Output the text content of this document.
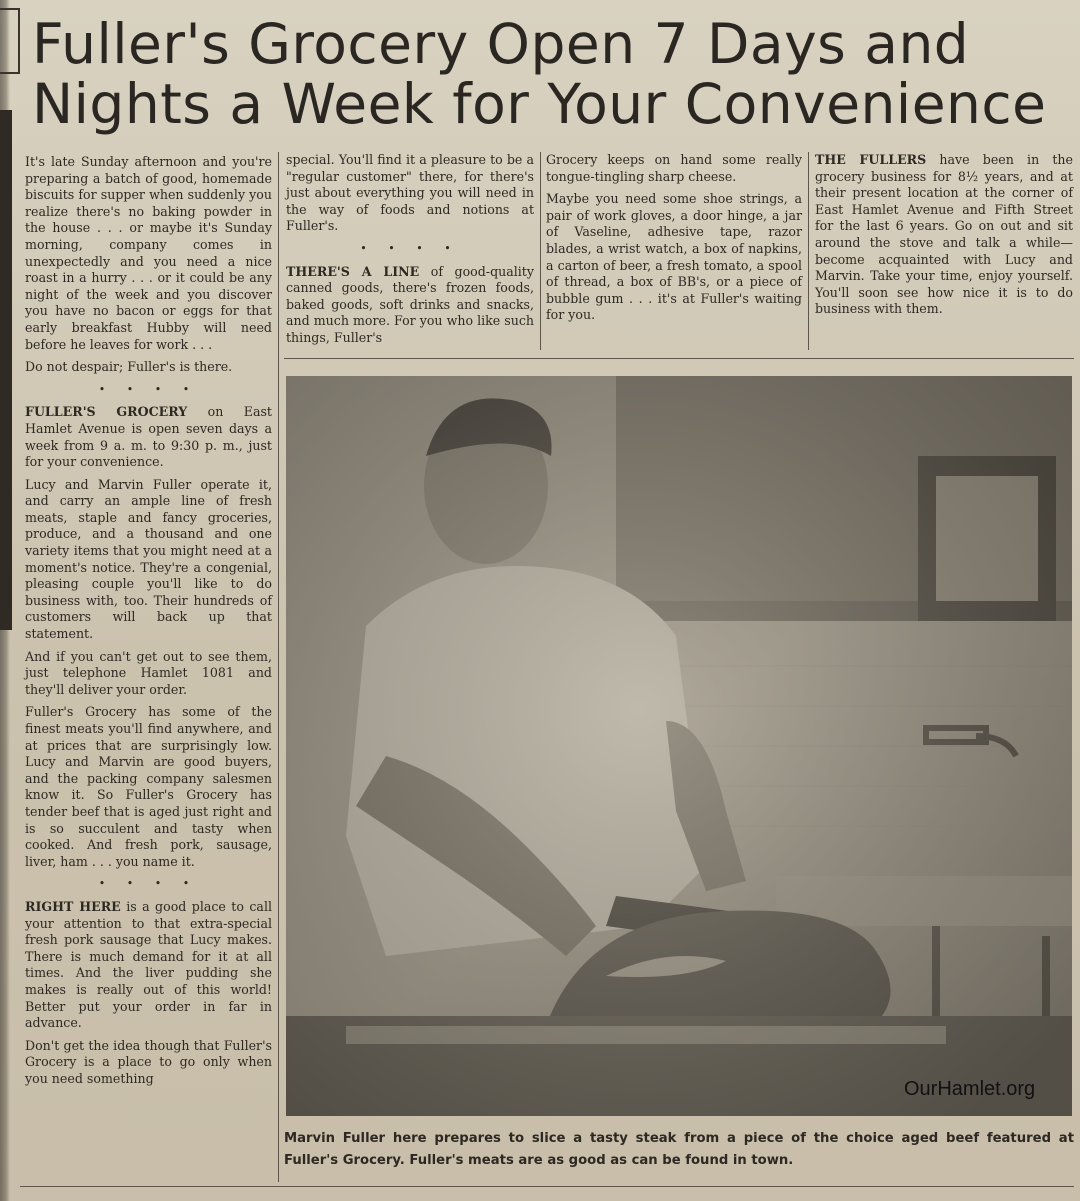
Fuller's Grocery Open 7 Days and
Nights a Week for Your Convenience

It's late Sunday afternoon and you're preparing a batch of good, homemade biscuits for supper when suddenly you realize there's no baking powder in the house . . . or maybe it's Sunday morning, company comes in unexpectedly and you need a nice roast in a hurry . . . or it could be any night of the week and you discover you have no bacon or eggs for that early breakfast Hubby will need before he leaves for work . . .

Do not despair; Fuller's is there.

• • • •

FULLER'S GROCERY on East Hamlet Avenue is open seven days a week from 9 a. m. to 9:30 p. m., just for your convenience.

Lucy and Marvin Fuller operate it, and carry an ample line of fresh meats, staple and fancy groceries, produce, and a thousand and one variety items that you might need at a moment's notice. They're a congenial, pleasing couple you'll like to do business with, too. Their hundreds of customers will back up that statement.

And if you can't get out to see them, just telephone Hamlet 1081 and they'll deliver your order.

Fuller's Grocery has some of the finest meats you'll find anywhere, and at prices that are surprisingly low. Lucy and Marvin are good buyers, and the packing company salesmen know it. So Fuller's Grocery has tender beef that is aged just right and is so succulent and tasty when cooked. And fresh pork, sausage, liver, ham . . . you name it.

• • • •

RIGHT HERE is a good place to call your attention to that extra-special fresh pork sausage that Lucy makes. There is much demand for it at all times. And the liver pudding she makes is really out of this world! Better put your order in far in advance.

Don't get the idea though that Fuller's Grocery is a place to go only when you need something

special. You'll find it a pleasure to be a "regular customer" there, for there's just about everything you will need in the way of foods and notions at Fuller's.

• • • •

THERE'S A LINE of good-quality canned goods, there's frozen foods, baked goods, soft drinks and snacks, and much more. For you who like such things, Fuller's

Grocery keeps on hand some really tongue-tingling sharp cheese.

Maybe you need some shoe strings, a pair of work gloves, a door hinge, a jar of Vaseline, adhesive tape, razor blades, a wrist watch, a box of napkins, a carton of beer, a fresh tomato, a spool of thread, a box of BB's, or a piece of bubble gum . . . it's at Fuller's waiting for you.

THE FULLERS have been in the grocery business for 8½ years, and at their present location at the corner of East Hamlet Avenue and Fifth Street for the last 6 years. Go on out and sit around the stove and talk a while—become acquainted with Lucy and Marvin. Take your time, enjoy yourself. You'll soon see how nice it is to do business with them.

Marvin Fuller here prepares to slice a tasty steak from a piece of the choice aged beef featured at Fuller's Grocery. Fuller's meats are as good as can be found in town.
OurHamlet.org
